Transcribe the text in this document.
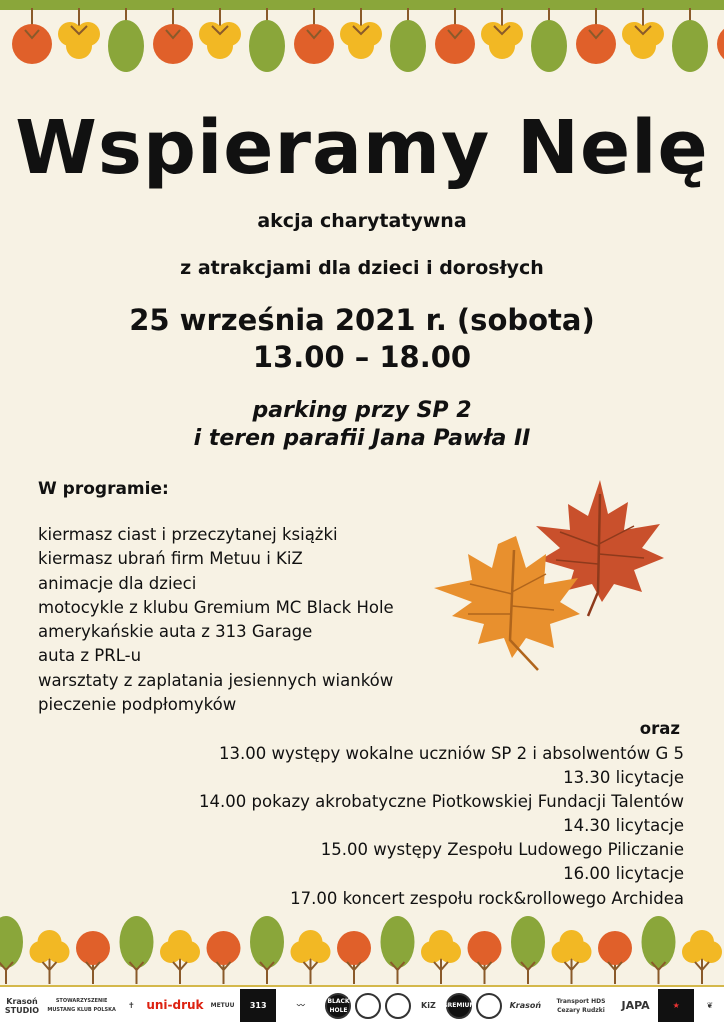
Wspieramy Nelę
akcja charytatywna
z atrakcjami dla dzieci i dorosłych
25 września 2021 r. (sobota)
13.00 – 18.00
parking przy SP 2
i teren parafii Jana Pawła II
W programie:
kiermasz ciast i przeczytanej książki
kiermasz ubrań firm Metuu i KiZ
animacje dla dzieci
motocykle z klubu Gremium MC Black Hole
amerykańskie auta z 313 Garage
auta z PRL-u
warsztaty z zaplatania jesiennych wianków
pieczenie podpłomyków
oraz
13.00 występy wokalne uczniów SP 2 i absolwentów G 5
13.30 licytacje
14.00 pokazy akrobatyczne Piotkowskiej Fundacji Talentów
14.30 licytacje
15.00 występy Zespołu Ludowego Piliczanie
16.00 licytacje
17.00 koncert zespołu rock&rollowego Archidea
Krasoń STUDIO
STOWARZYSZENIE MUSTANG KLUB POLSKA	✝ uni-druk	METUU	313	〰	BLACK HOLE	KiZ	GREMIUM	Krasoń	Transport HDS Cezary Rudzki	JAPA	★	❦
